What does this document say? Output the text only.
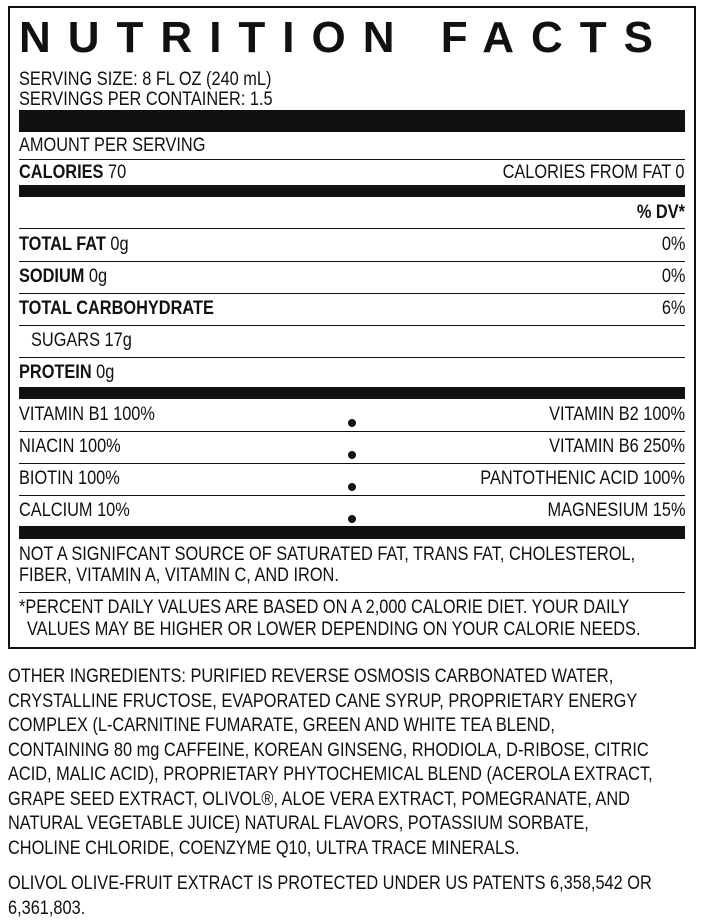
NUTRITION FACTS
SERVING SIZE: 8 FL OZ (240 mL)
SERVINGS PER CONTAINER: 1.5
AMOUNT PER SERVING
CALORIES 70	CALORIES FROM FAT 0
% DV*
TOTAL FAT 0g	0%
SODIUM 0g	0%
TOTAL CARBOHYDRATE	6%
SUGARS 17g
PROTEIN 0g
VITAMIN B1 100%	VITAMIN B2 100%
NIACIN 100%	VITAMIN B6 250%
BIOTIN 100%	PANTOTHENIC ACID 100%
CALCIUM 10%	MAGNESIUM 15%
NOT A SIGNIFCANT SOURCE OF SATURATED FAT, TRANS FAT, CHOLESTEROL,
FIBER, VITAMIN A, VITAMIN C, AND IRON.
*PERCENT DAILY VALUES ARE BASED ON A 2,000 CALORIE DIET. YOUR DAILY
VALUES MAY BE HIGHER OR LOWER DEPENDING ON YOUR CALORIE NEEDS.
OTHER INGREDIENTS: PURIFIED REVERSE OSMOSIS CARBONATED WATER,
CRYSTALLINE FRUCTOSE, EVAPORATED CANE SYRUP, PROPRIETARY ENERGY
COMPLEX (L-CARNITINE FUMARATE, GREEN AND WHITE TEA BLEND,
CONTAINING 80 mg CAFFEINE, KOREAN GINSENG, RHODIOLA, D-RIBOSE, CITRIC
ACID, MALIC ACID), PROPRIETARY PHYTOCHEMICAL BLEND (ACEROLA EXTRACT,
GRAPE SEED EXTRACT, OLIVOL®, ALOE VERA EXTRACT, POMEGRANATE, AND
NATURAL VEGETABLE JUICE) NATURAL FLAVORS, POTASSIUM SORBATE,
CHOLINE CHLORIDE, COENZYME Q10, ULTRA TRACE MINERALS.
OLIVOL OLIVE-FRUIT EXTRACT IS PROTECTED UNDER US PATENTS 6,358,542 OR
6,361,803.
